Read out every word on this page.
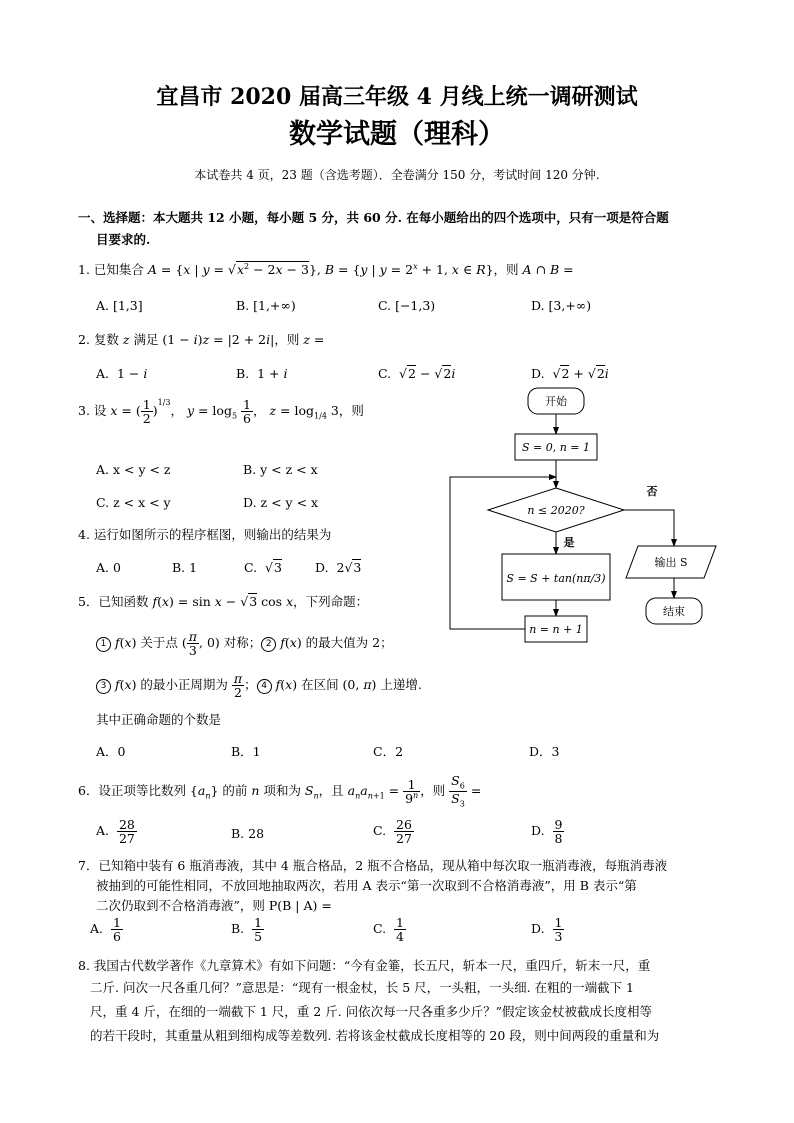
宜昌市 2020 届高三年级 4 月线上统一调研测试
数学试题（理科）
本试卷共 4 页，23 题（含选考题）．全卷满分 150 分，考试时间 120 分钟.
一、选择题：本大题共 12 小题，每小题 5 分，共 60 分. 在每小题给出的四个选项中，只有一项是符合题
目要求的.
1. 已知集合 A = {x | $y = √x^2 - 2x - 3$}, B = {y | $y = 2^x + 1$, x ∈ R}，则 A ∩ B =
A. [1,3]	B. [1,+∞)	C. [−1,3)	D. [3,+∞)
2. 复数 z 满足 (1 − i)z = |2 + 2i|，则 z =
A.  1 − i	B.  1 + i	C.  √2 − √2i	D.  √2 + √2i
3. 设 x = ( $\frac{1}{2} )^{1/3}$， $y = \log_5 \frac{1}{6}$ ， $z = \log_{1/4} 3$，则
A. x < y < z	B. y < z < x
C. z < x < y	D. z < y < x
4. 运行如图所示的程序框图，则输出的结果为
A. 0	B. 1	C.  √3	D.  2√3
5．已知函数 f(x) = sin x − √3 cos x，下列命题：
1 f(x) 关于点 ( $\frac{\pi}{3}$ , 0) 对称； 2 f(x) 的最大值为 2；
3 f(x) 的最小正周期为 $\frac{\pi}{2}$ ； 4 f(x) 在区间 (0, π) 上递增.
其中正确命题的个数是
A．0	B．1	C．2	D．3
6．设正项等比数列 $\{a_n\}$ 的前 n 项和为 $S_n$，且 $a_na_{n+1} = \frac{1}{9^n}$ ，则 $\frac{S_6}{S_3}$ =
A. $\frac{28}{27}$	B. 28	C. $\frac{26}{27}$	D. $\frac{9}{8}$
7．已知箱中装有 6 瓶消毒液，其中 4 瓶合格品，2 瓶不合格品，现从箱中每次取一瓶消毒液，每瓶消毒液
被抽到的可能性相同，不放回地抽取两次，若用 A 表示“第一次取到不合格消毒液”，用 B 表示“第
二次仍取到不合格消毒液”，则 P(B | A) =
A. $\frac{1}{6}$	B. $\frac{1}{5}$	C. $\frac{1}{4}$	D. $\frac{1}{3}$
8. 我国古代数学著作《九章算术》有如下问题：“今有金箠，长五尺，斩本一尺，重四斤，斩末一尺，重
二斤. 问次一尺各重几何？”意思是：“现有一根金杖，长 5 尺，一头粗，一头细. 在粗的一端截下 1
尺，重 4 斤，在细的一端截下 1 尺，重 2 斤. 问依次每一尺各重多少斤？”假定该金杖被截成长度相等
的若干段时，其重量从粗到细构成等差数列. 若将该金杖截成长度相等的 20 段，则中间两段的重量和为
开始
S = 0, n = 1
n ≤ 2020?
否
是
S = S + tan(nπ/3)
n = n + 1
输出 S
结束
